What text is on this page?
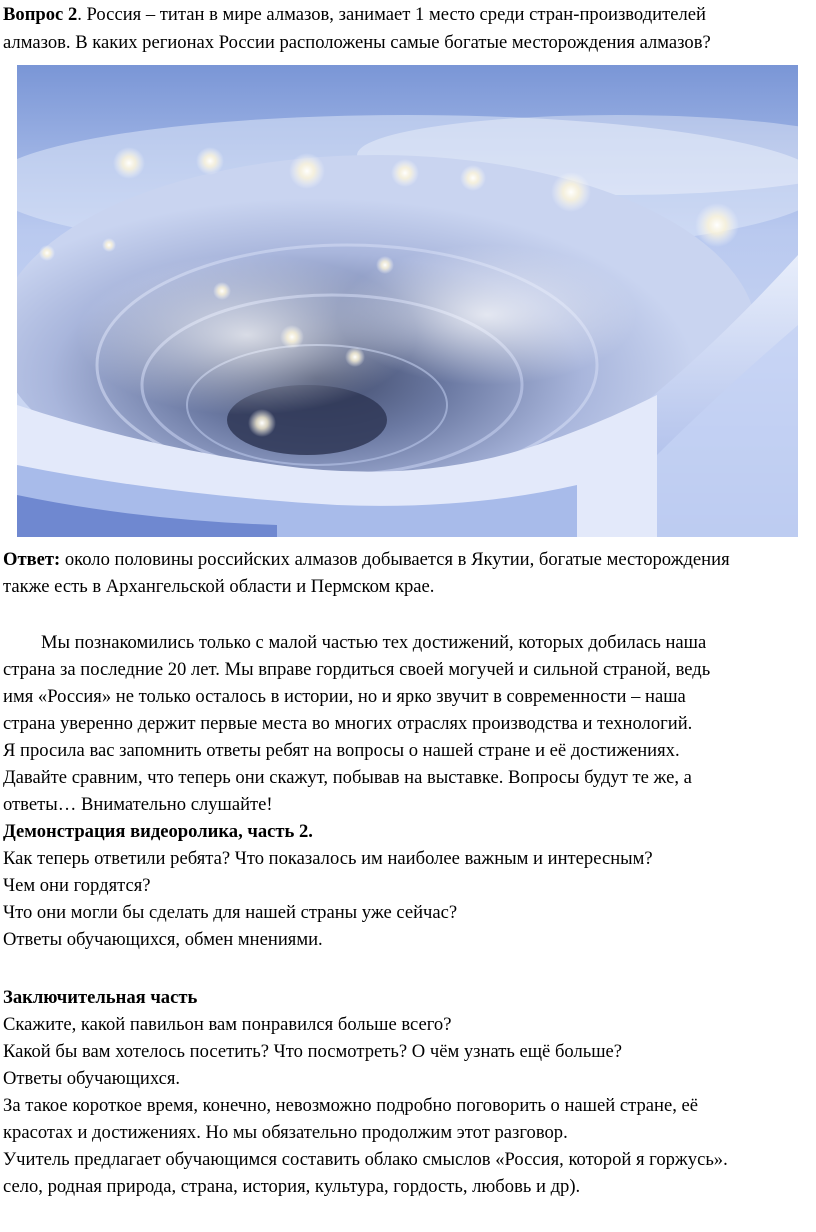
Вопрос 2. Россия – титан в мире алмазов, занимает 1 место среди стран-производителей
алмазов. В каких регионах России расположены самые богатые месторождения алмазов?
Ответ: около половины российских алмазов добывается в Якутии, богатые месторождения
также есть в Архангельской области и Пермском крае.
Мы познакомились только с малой частью тех достижений, которых добилась наша
страна за последние 20 лет. Мы вправе гордиться своей могучей и сильной страной, ведь
имя «Россия» не только осталось в истории, но и ярко звучит в современности – наша
страна уверенно держит первые места во многих отраслях производства и технологий.
Я просила вас запомнить ответы ребят на вопросы о нашей стране и её достижениях.
Давайте сравним, что теперь они скажут, побывав на выставке. Вопросы будут те же, а
ответы… Внимательно слушайте!
Демонстрация видеоролика, часть 2.
Как теперь ответили ребята? Что показалось им наиболее важным и интересным?
Чем они гордятся?
Что они могли бы сделать для нашей страны уже сейчас?
Ответы обучающихся, обмен мнениями.
Заключительная часть
Скажите, какой павильон вам понравился больше всего?
Какой бы вам хотелось посетить? Что посмотреть? О чём узнать ещё больше?
Ответы обучающихся.
За такое короткое время, конечно, невозможно подробно поговорить о нашей стране, её
красотах и достижениях. Но мы обязательно продолжим этот разговор.
Учитель предлагает обучающимся составить облако смыслов «Россия, которой я горжусь».
село, родная природа, страна, история, культура, гордость, любовь и др).
